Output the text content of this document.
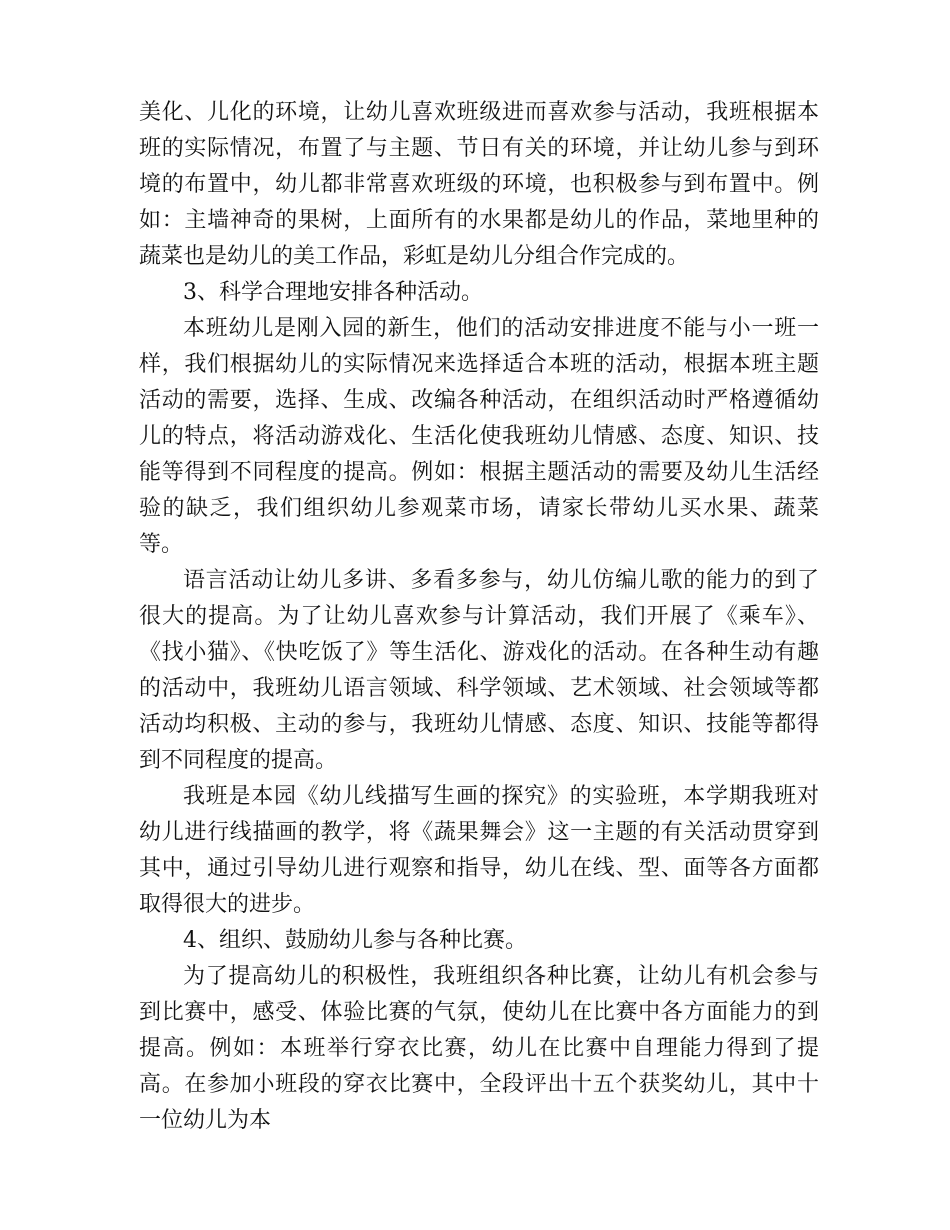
美化、儿化的环境，让幼儿喜欢班级进而喜欢参与活动，我班根据本班的实际情况，布置了与主题、节日有关的环境，并让幼儿参与到环境的布置中，幼儿都非常喜欢班级的环境，也积极参与到布置中。例如：主墙神奇的果树，上面所有的水果都是幼儿的作品，菜地里种的蔬菜也是幼儿的美工作品，彩虹是幼儿分组合作完成的。

3、科学合理地安排各种活动。

本班幼儿是刚入园的新生，他们的活动安排进度不能与小一班一样，我们根据幼儿的实际情况来选择适合本班的活动，根据本班主题活动的需要，选择、生成、改编各种活动，在组织活动时严格遵循幼儿的特点，将活动游戏化、生活化使我班幼儿情感、态度、知识、技能等得到不同程度的提高。例如：根据主题活动的需要及幼儿生活经验的缺乏，我们组织幼儿参观菜市场，请家长带幼儿买水果、蔬菜等。

语言活动让幼儿多讲、多看多参与，幼儿仿编儿歌的能力的到了很大的提高。为了让幼儿喜欢参与计算活动，我们开展了《乘车》、《找小猫》、《快吃饭了》等生活化、游戏化的活动。在各种生动有趣的活动中，我班幼儿语言领域、科学领域、艺术领域、社会领域等都活动均积极、主动的参与，我班幼儿情感、态度、知识、技能等都得到不同程度的提高。

我班是本园《幼儿线描写生画的探究》的实验班，本学期我班对幼儿进行线描画的教学，将《蔬果舞会》这一主题的有关活动贯穿到其中，通过引导幼儿进行观察和指导，幼儿在线、型、面等各方面都取得很大的进步。

4、组织、鼓励幼儿参与各种比赛。

为了提高幼儿的积极性，我班组织各种比赛，让幼儿有机会参与到比赛中，感受、体验比赛的气氛，使幼儿在比赛中各方面能力的到提高。例如：本班举行穿衣比赛，幼儿在比赛中自理能力得到了提高。在参加小班段的穿衣比赛中，全段评出十五个获奖幼儿，其中十一位幼儿为本
